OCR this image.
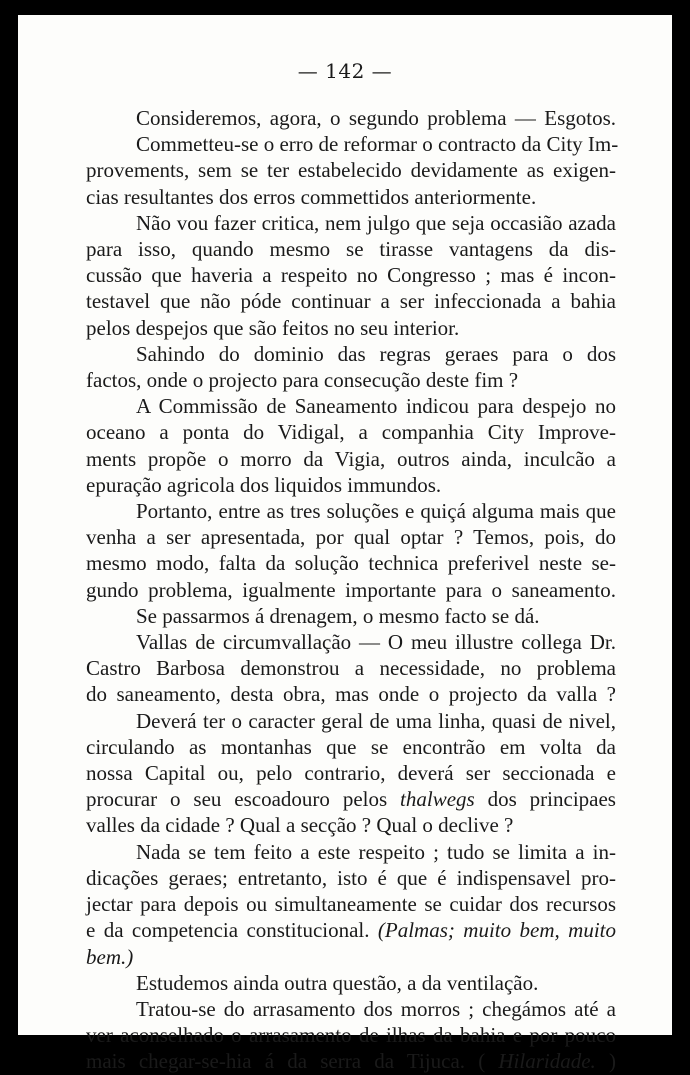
— 142 —
Consideremos, agora, o segundo problema — Esgotos.
Commetteu-se o erro de reformar o contracto da City Im-
provements, sem se ter estabelecido devidamente as exigen-
cias resultantes dos erros commettidos anteriormente.
Não vou fazer critica, nem julgo que seja occasião azada
para isso, quando mesmo se tirasse vantagens da dis-
cussão que haveria a respeito no Congresso ; mas é incon-
testavel que não póde continuar a ser infeccionada a bahia
pelos despejos que são feitos no seu interior.
Sahindo do dominio das regras geraes para o dos
factos, onde o projecto para consecução deste fim ?
A Commissão de Saneamento indicou para despejo no
oceano a ponta do Vidigal, a companhia City Improve-
ments propõe o morro da Vigia, outros ainda, inculcão a
epuração agricola dos liquidos immundos.
Portanto, entre as tres soluções e quiçá alguma mais que
venha a ser apresentada, por qual optar ? Temos, pois, do
mesmo modo, falta da solução technica preferivel neste se-
gundo problema, igualmente importante para o saneamento.
Se passarmos á drenagem, o mesmo facto se dá.
Vallas de circumvallação — O meu illustre collega Dr.
Castro Barbosa demonstrou a necessidade, no problema
do saneamento, desta obra, mas onde o projecto da valla ?
Deverá ter o caracter geral de uma linha, quasi de nivel,
circulando as montanhas que se encontrão em volta da
nossa Capital ou, pelo contrario, deverá ser seccionada e
procurar o seu escoadouro pelos thalwegs dos principaes
valles da cidade ? Qual a secção ? Qual o declive ?
Nada se tem feito a este respeito ; tudo se limita a in-
dicações geraes; entretanto, isto é que é indispensavel pro-
jectar para depois ou simultaneamente se cuidar dos recursos
e da competencia constitucional. (Palmas; muito bem, muito
bem.)
Estudemos ainda outra questão, a da ventilação.
Tratou-se do arrasamento dos morros ; chegámos até a
ver aconselhado o arrasamento de ilhas da bahia e por pouco
mais chegar-se-hia á da serra da Tijuca. ( Hilaridade. )
